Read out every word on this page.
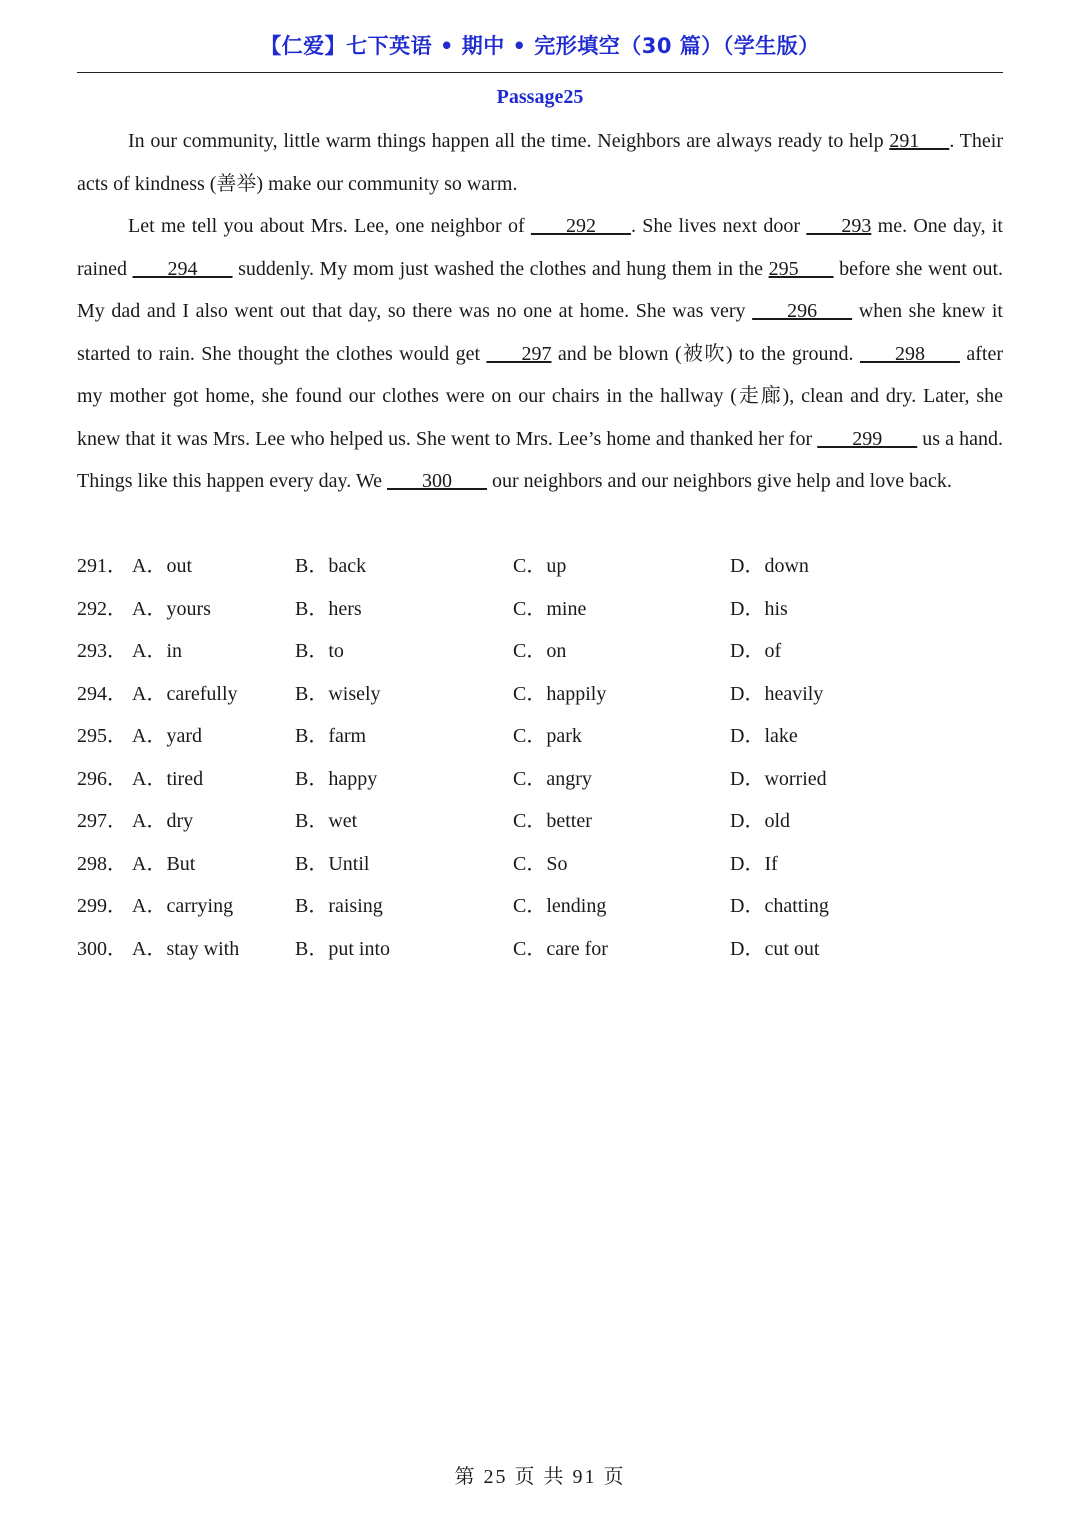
【仁爱】七下英语 • 期中 • 完形填空（30 篇）（学生版）
Passage25

In our community, little warm things happen all the time. Neighbors are always ready to help 291      . Their acts of kindness (善举) make our community so warm.

Let me tell you about Mrs. Lee, one neighbor of        292       . She lives next door        293 me. One day, it rained        294        suddenly. My mom just washed the clothes and hung them in the 295        before she went out. My dad and I also went out that day, so there was no one at home. She was very        296        when she knew it started to rain. She thought the clothes would get        297 and be blown (被吹) to the ground.        298        after my mother got home, she found our clothes were on our chairs in the hallway (走廊), clean and dry. Later, she knew that it was Mrs. Lee who helped us. She went to Mrs. Lee’s home and thanked her for        299        us a hand. Things like this happen every day. We        300        our neighbors and our neighbors give help and love back.

291． A．out	B．back	C．up	D．down
292． A．yours	B．hers	C．mine	D．his
293． A．in	B．to	C．on	D．of
294． A．carefully	B．wisely	C．happily	D．heavily
295． A．yard	B．farm	C．park	D．lake
296． A．tired	B．happy	C．angry	D．worried
297． A．dry	B．wet	C．better	D．old
298． A．But	B．Until	C．So	D．If
299． A．carrying	B．raising	C．lending	D．chatting
300． A．stay with	B．put into	C．care for	D．cut out
第 25 页 共 91 页
